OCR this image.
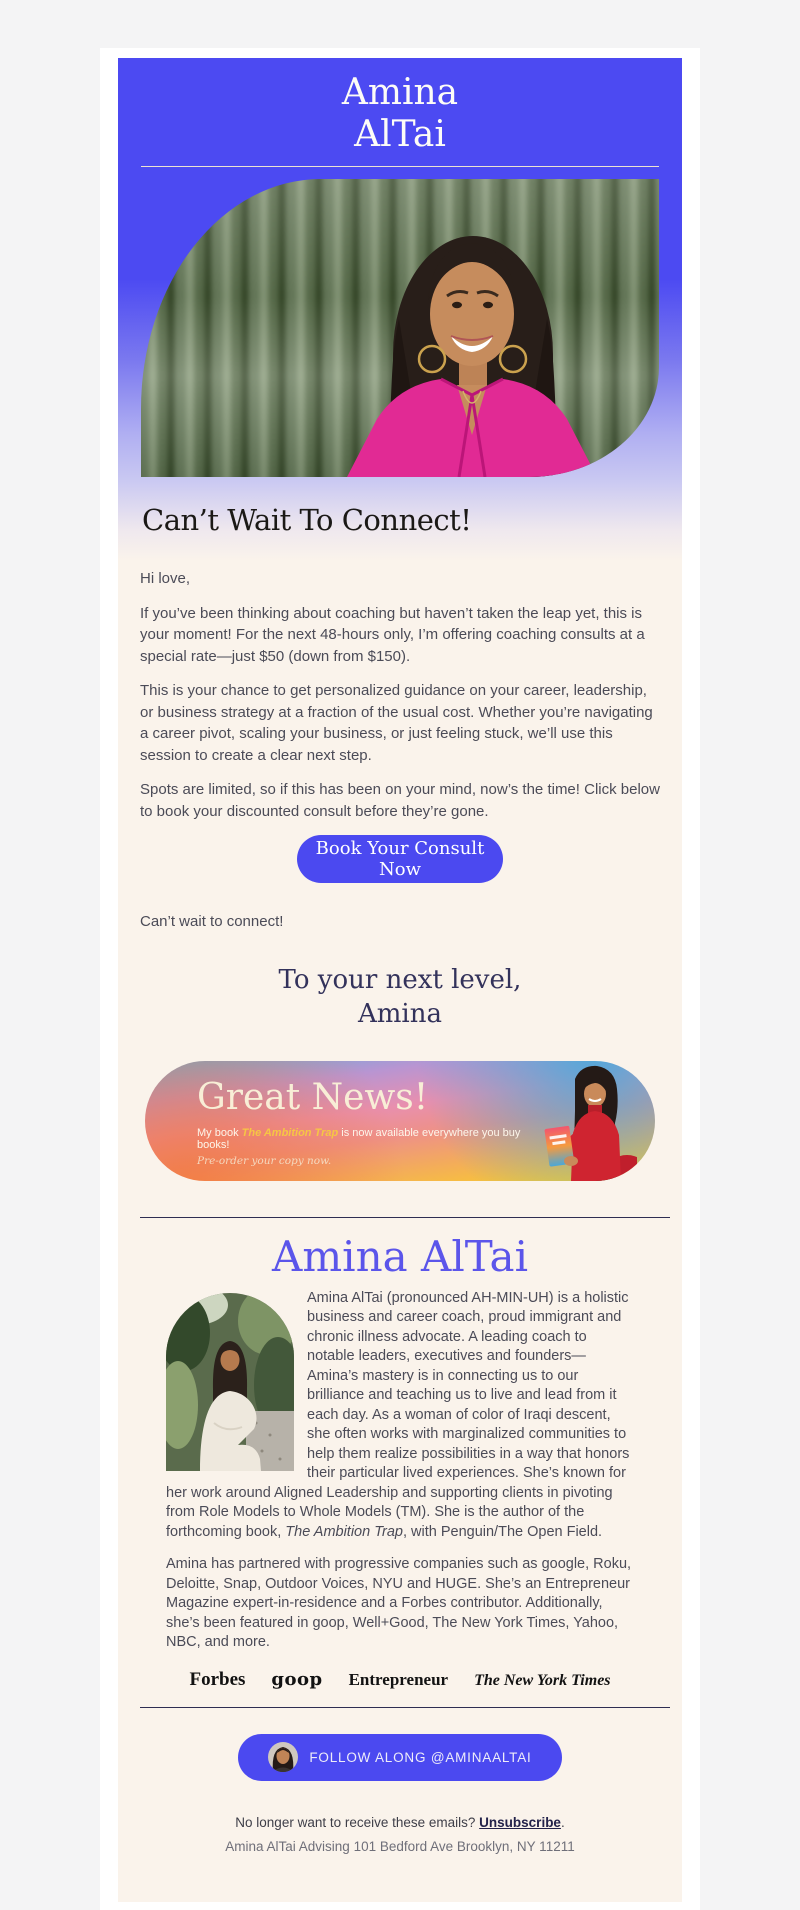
Amina
AlTai
Can’t Wait To Connect!

Hi love,

If you’ve been thinking about coaching but haven’t taken the leap yet, this is your moment! For the next 48-hours only, I’m offering coaching consults at a special rate—just $50 (down from $150).

This is your chance to get personalized guidance on your career, leadership, or business strategy at a fraction of the usual cost. Whether you’re navigating a career pivot, scaling your business, or just feeling stuck, we’ll use this session to create a clear next step.

Spots are limited, so if this has been on your mind, now’s the time! Click below to book your discounted consult before they’re gone.

Book Your Consult Now

Can’t wait to connect!

To your next level,
Amina
Great News!

My book The Ambition Trap is now available everywhere you buy books!

Pre-order your copy now.

Amina AlTai

Amina AlTai (pronounced AH-MIN-UH) is a holistic business and career coach, proud immigrant and chronic illness advocate. A leading coach to notable leaders, executives and founders—Amina’s mastery is in connecting us to our brilliance and teaching us to live and lead from it each day. As a woman of color of Iraqi descent, she often works with marginalized communities to help them realize possibilities in a way that honors their particular lived experiences. She’s known for her work around Aligned Leadership and supporting clients in pivoting from Role Models to Whole Models (TM). She is the author of the forthcoming book, The Ambition Trap, with Penguin/The Open Field.

Amina has partnered with progressive companies such as google, Roku, Deloitte, Snap, Outdoor Voices, NYU and HUGE. She’s an Entrepreneur Magazine expert-in-residence and a Forbes contributor. Additionally, she’s been featured in goop, Well+Good, The New York Times, Yahoo, NBC, and more.

Forbes goop Entrepreneur The New York Times
FOLLOW ALONG @AMINAALTAI

No longer want to receive these emails? Unsubscribe.

Amina AlTai Advising 101 Bedford Ave Brooklyn, NY 11211
